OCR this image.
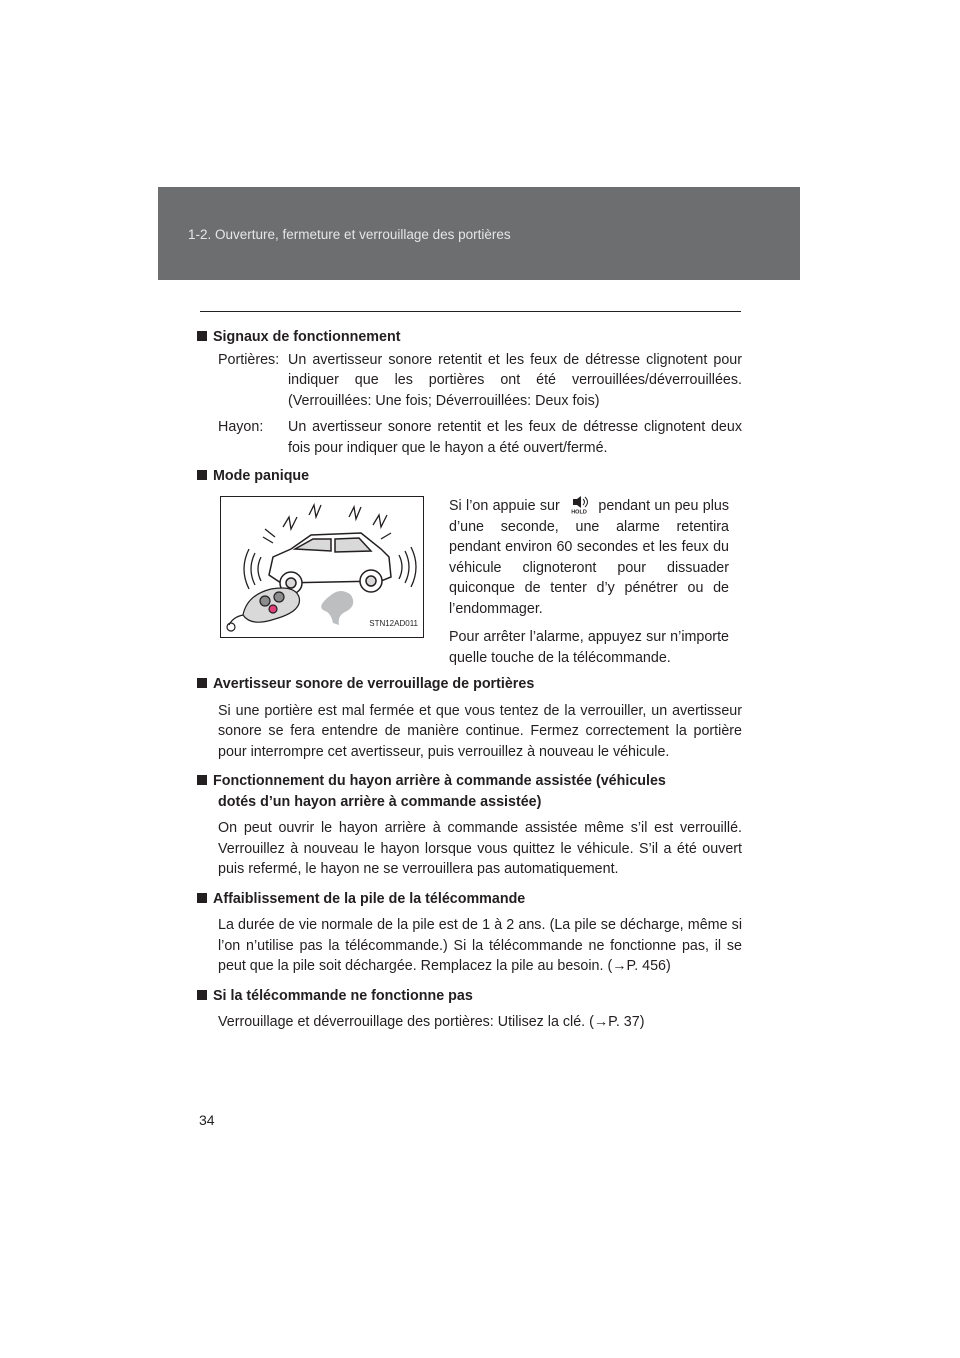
1-2. Ouverture, fermeture et verrouillage des portières

Signaux de fonctionnement

Portières: Un avertisseur sonore retentit et les feux de détresse clignotent pour indiquer que les portières ont été verrouillées/déverrouillées. (Verrouillées: Une fois; Déverrouillées: Deux fois)
Hayon:	Un avertisseur sonore retentit et les feux de détresse clignotent deux fois pour indiquer que le hayon a été ouvert/fermé.

Mode panique

STN12AD011

Si l’on appuie sur HOLD pendant un peu plus d’une seconde, une alarme retentira pendant environ 60 secondes et les feux du véhicule clignoteront pour dissuader quiconque de tenter d’y pénétrer ou de l’endommager.

Pour arrêter l’alarme, appuyez sur n’importe quelle touche de la télécommande.

Avertisseur sonore de verrouillage de portières

Si une portière est mal fermée et que vous tentez de la verrouiller, un avertisseur sonore se fera entendre de manière continue. Fermez correctement la portière pour interrompre cet avertisseur, puis verrouillez à nouveau le véhicule.

Fonctionnement du hayon arrière à commande assistée (véhicules

dotés d’un hayon arrière à commande assistée)

On peut ouvrir le hayon arrière à commande assistée même s’il est verrouillé. Verrouillez à nouveau le hayon lorsque vous quittez le véhicule. S’il a été ouvert puis refermé, le hayon ne se verrouillera pas automatiquement.

Affaiblissement de la pile de la télécommande

La durée de vie normale de la pile est de 1 à 2 ans. (La pile se décharge, même si l’on n’utilise pas la télécommande.) Si la télécommande ne fonctionne pas, il se peut que la pile soit déchargée. Remplacez la pile au besoin. (→P. 456)

Si la télécommande ne fonctionne pas

Verrouillage et déverrouillage des portières: Utilisez la clé. (→P. 37)

34
